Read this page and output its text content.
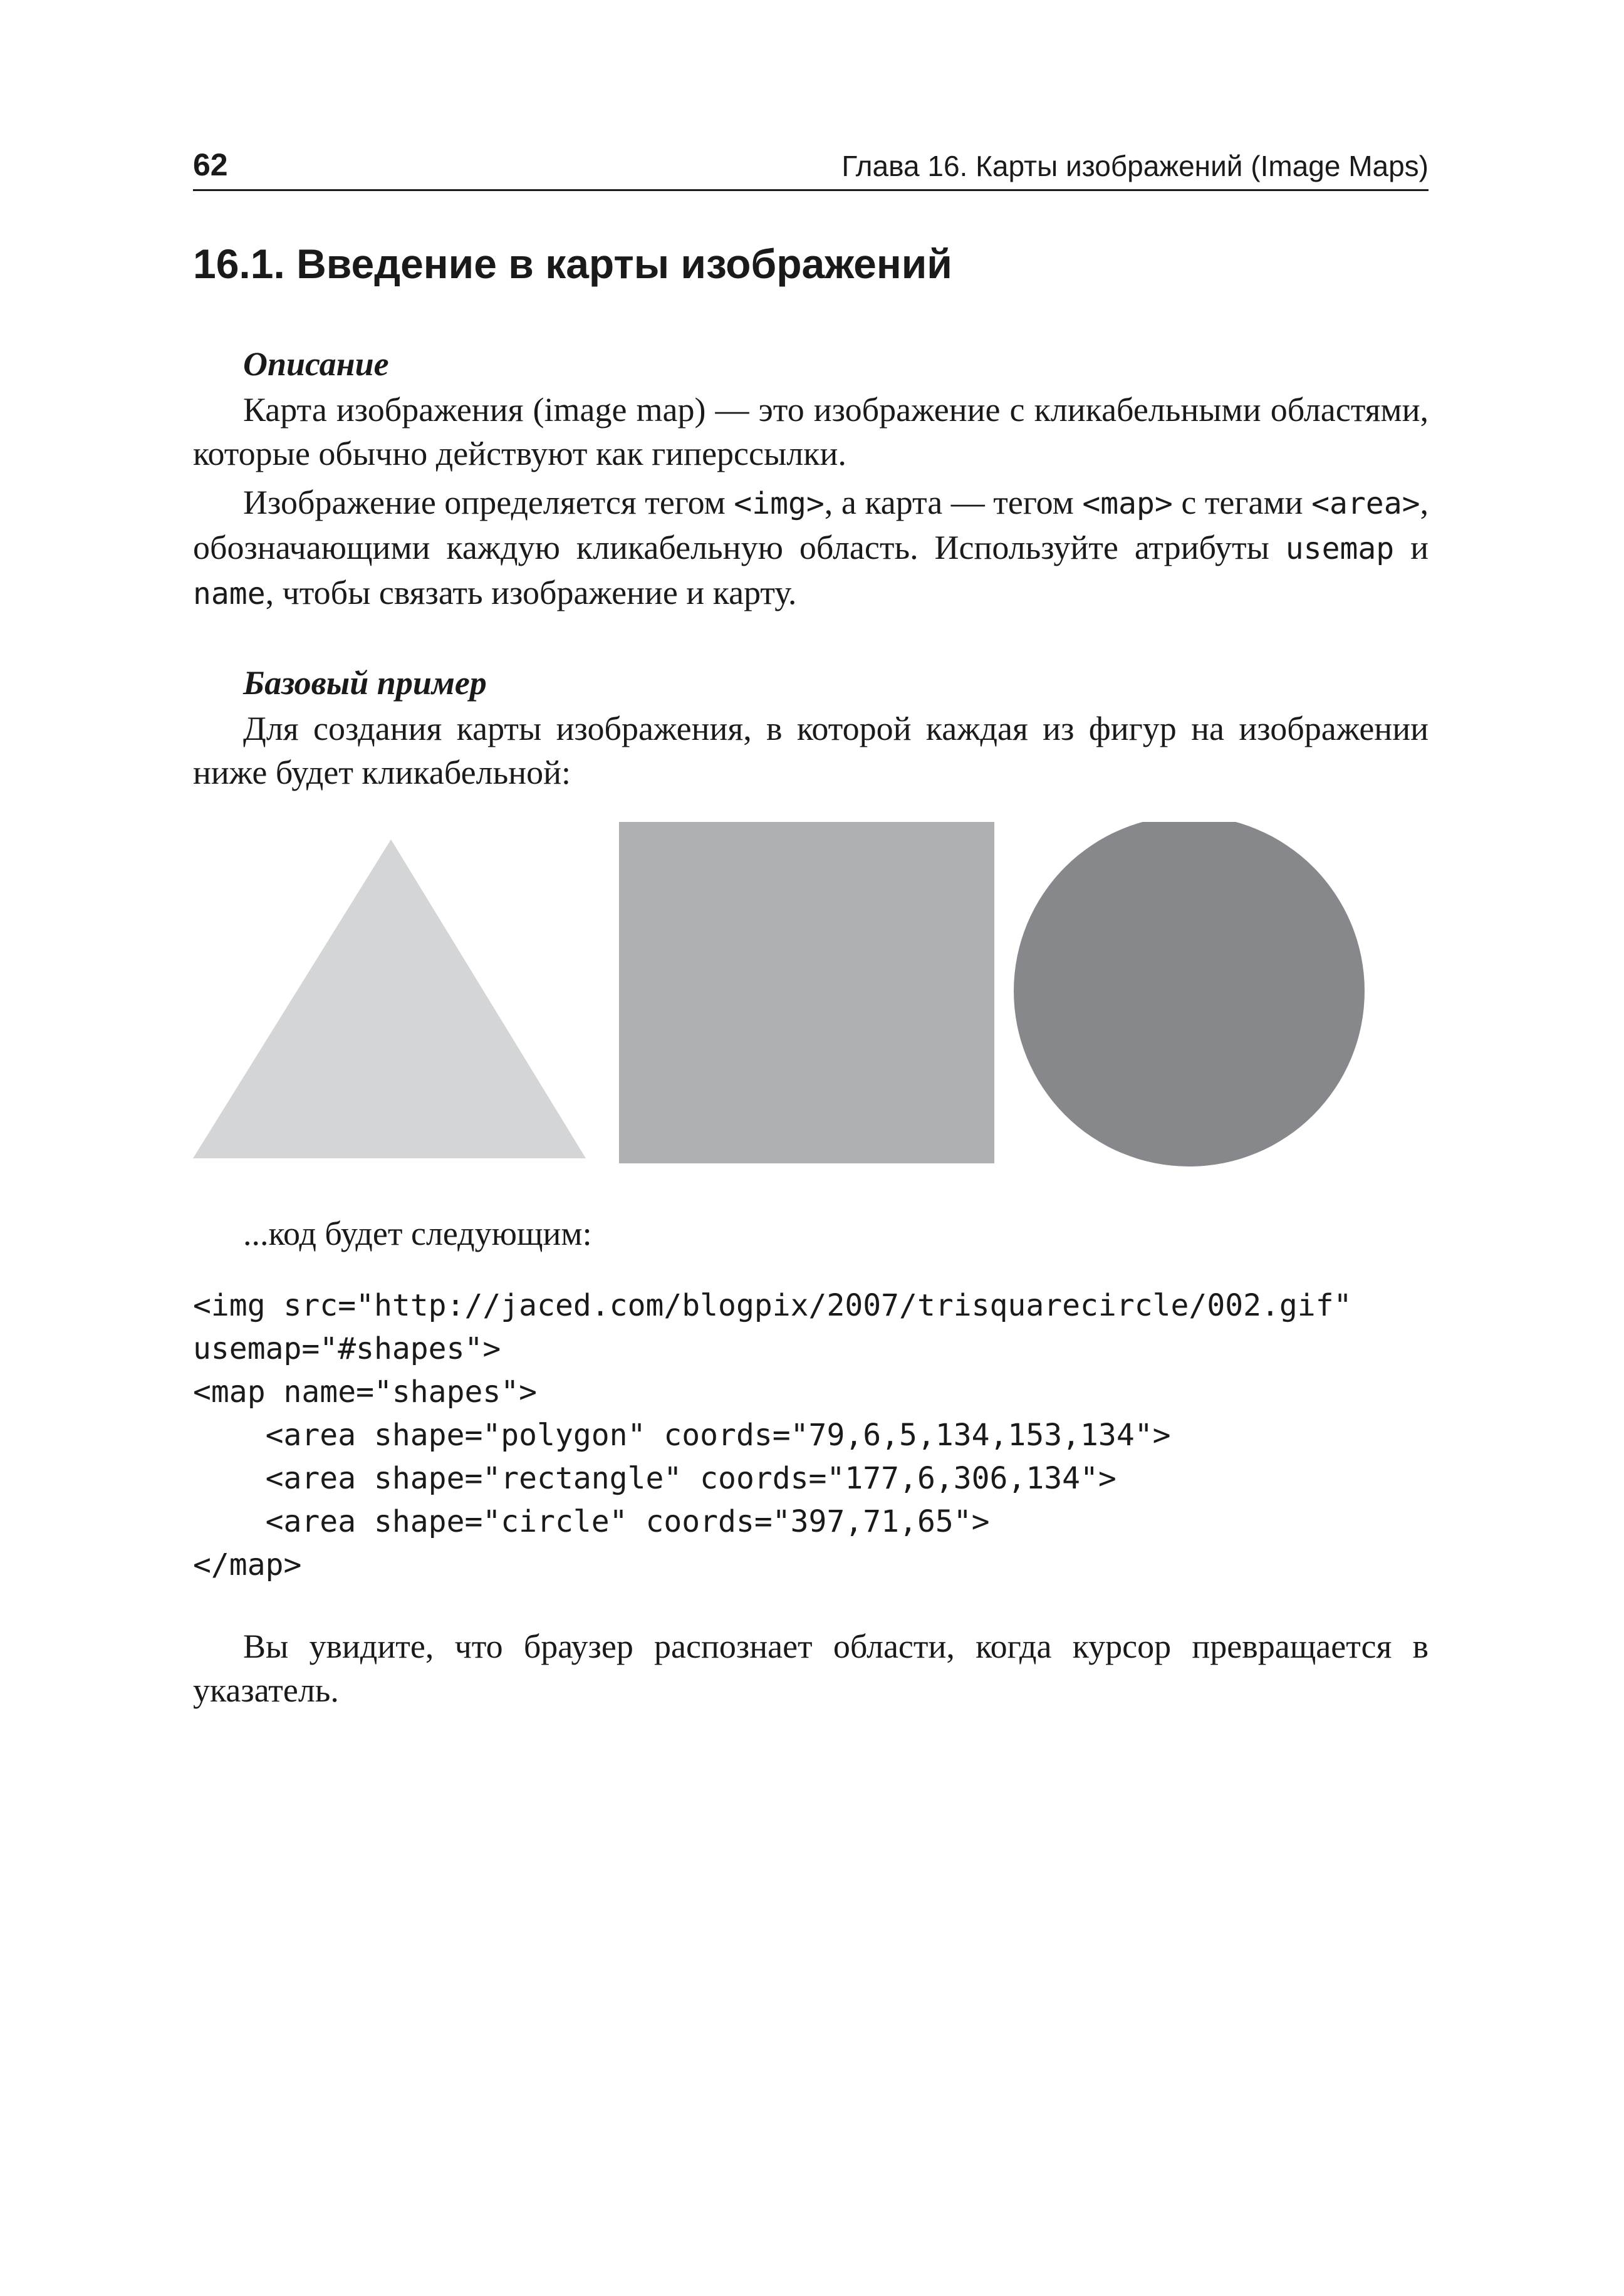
62	Глава 16. Карты изображений (Image Maps)
16.1. Введение в карты изображений
Описание

Карта изображения (image map) — это изображение с кликабельными областями, которые обычно действуют как гиперссылки.

Изображение определяется тегом <img>, а карта — тегом <map> с тегами <area>, обозначающими каждую кликабельную область. Используйте атрибуты usemap и name, чтобы связать изображение и карту.

Базовый пример

Для создания карты изображения, в которой каждая из фигур на изображении ниже будет кликабельной:

...код будет следующим:

<img src="http://jaced.com/blogpix/2007/trisquarecircle/002.gif"
usemap="#shapes">
<map name="shapes">
<area shape="polygon" coords="79,6,5,134,153,134">
<area shape="rectangle" coords="177,6,306,134">
<area shape="circle" coords="397,71,65">
</map>

Вы увидите, что браузер распознает области, когда курсор превращается в указатель.
